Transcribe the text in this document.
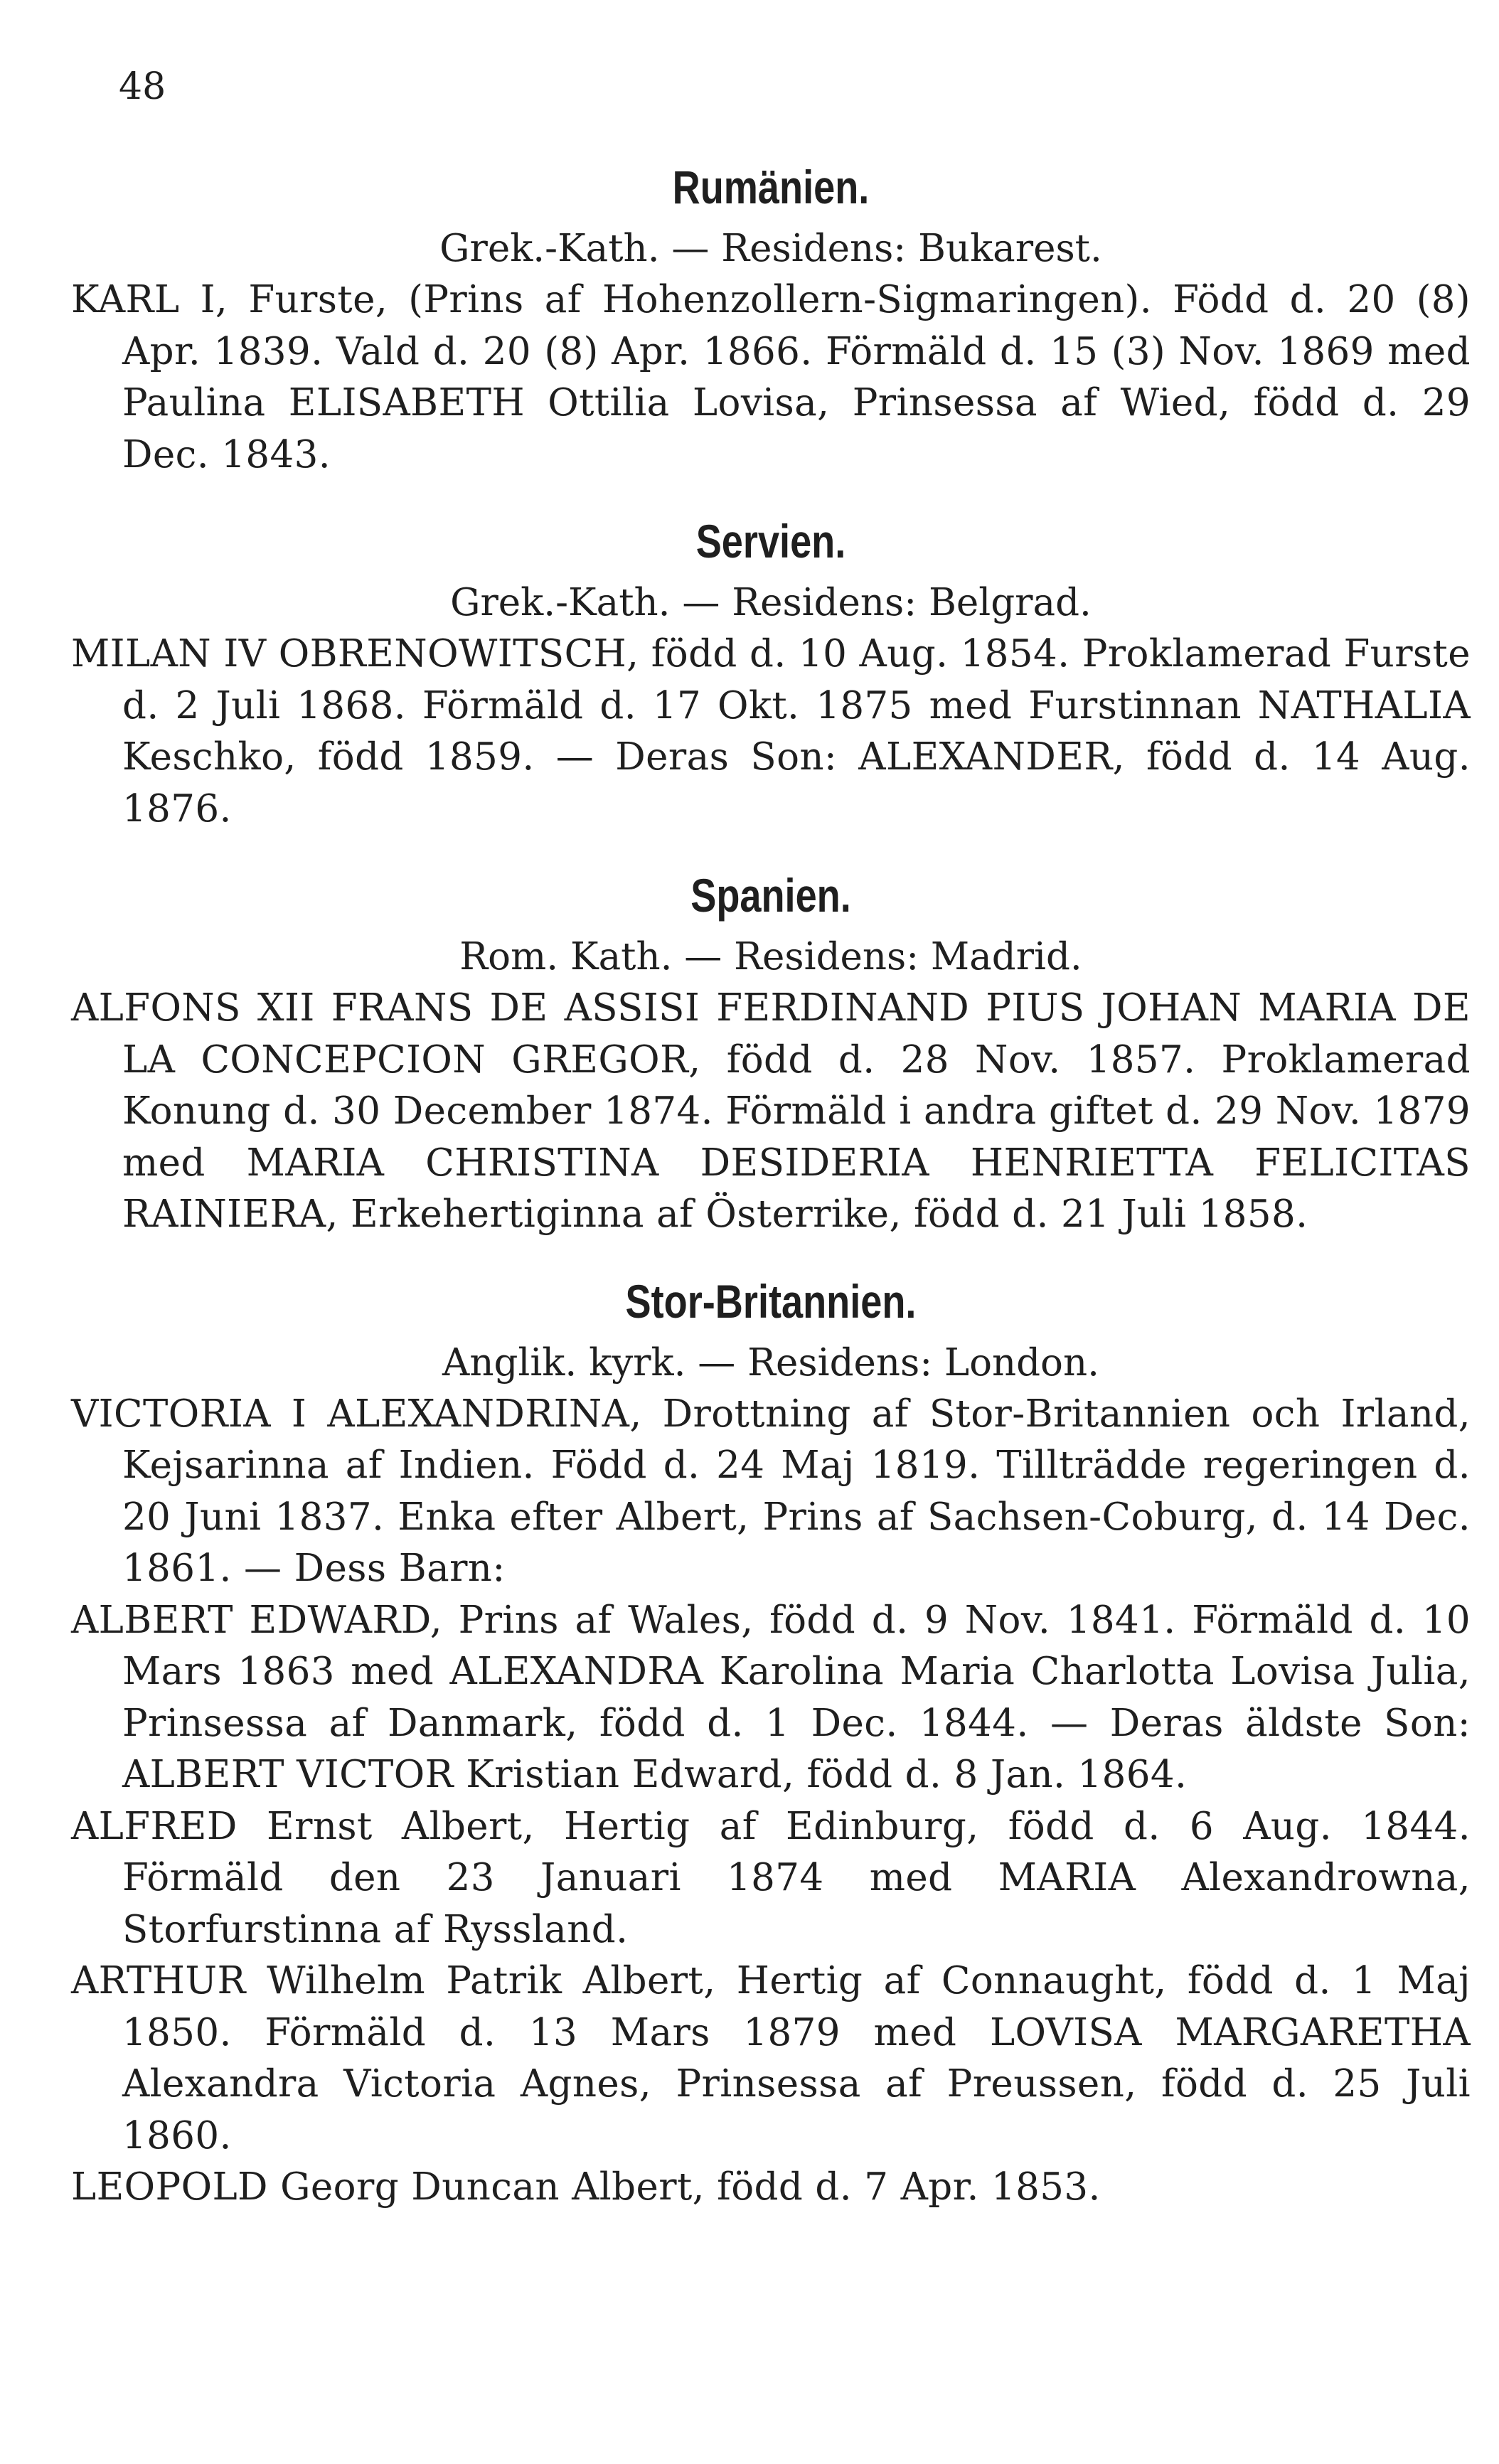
48
Rumänien.

Grek.-Kath. — Residens: Bukarest.

KARL I, Furste, (Prins af Hohenzollern-Sigmaringen). Född d. 20 (8) Apr. 1839. Vald d. 20 (8) Apr. 1866. Förmäld d. 15 (3) Nov. 1869 med Paulina ELISABETH Ottilia Lovisa, Prinsessa af Wied, född d. 29 Dec. 1843.

Servien.

Grek.-Kath. — Residens: Belgrad.

MILAN IV OBRENOWITSCH, född d. 10 Aug. 1854. Proklamerad Furste d. 2 Juli 1868. Förmäld d. 17 Okt. 1875 med Furstinnan NATHALIA Keschko, född 1859. — Deras Son: ALEXANDER, född d. 14 Aug. 1876.

Spanien.

Rom. Kath. — Residens: Madrid.

ALFONS XII FRANS DE ASSISI FERDINAND PIUS JOHAN MARIA DE LA CONCEPCION GREGOR, född d. 28 Nov. 1857. Proklamerad Konung d. 30 December 1874. Förmäld i andra giftet d. 29 Nov. 1879 med MARIA CHRISTINA DESIDERIA HENRIETTA FELICITAS RAINIERA, Erkehertiginna af Österrike, född d. 21 Juli 1858.

Stor-Britannien.

Anglik. kyrk. — Residens: London.

VICTORIA I ALEXANDRINA, Drottning af Stor-Britannien och Irland, Kejsarinna af Indien. Född d. 24 Maj 1819. Tillträdde regeringen d. 20 Juni 1837. Enka efter Albert, Prins af Sachsen-Coburg, d. 14 Dec. 1861. — Dess Barn:

ALBERT EDWARD, Prins af Wales, född d. 9 Nov. 1841. Förmäld d. 10 Mars 1863 med ALEXANDRA Karolina Maria Charlotta Lovisa Julia, Prinsessa af Danmark, född d. 1 Dec. 1844. — Deras äldste Son: ALBERT VICTOR Kristian Edward, född d. 8 Jan. 1864.

ALFRED Ernst Albert, Hertig af Edinburg, född d. 6 Aug. 1844. Förmäld den 23 Januari 1874 med MARIA Alexandrowna, Storfurstinna af Ryssland.

ARTHUR Wilhelm Patrik Albert, Hertig af Connaught, född d. 1 Maj 1850. Förmäld d. 13 Mars 1879 med LOVISA MARGARETHA Alexandra Victoria Agnes, Prinsessa af Preussen, född d. 25 Juli 1860.

LEOPOLD Georg Duncan Albert, född d. 7 Apr. 1853.
